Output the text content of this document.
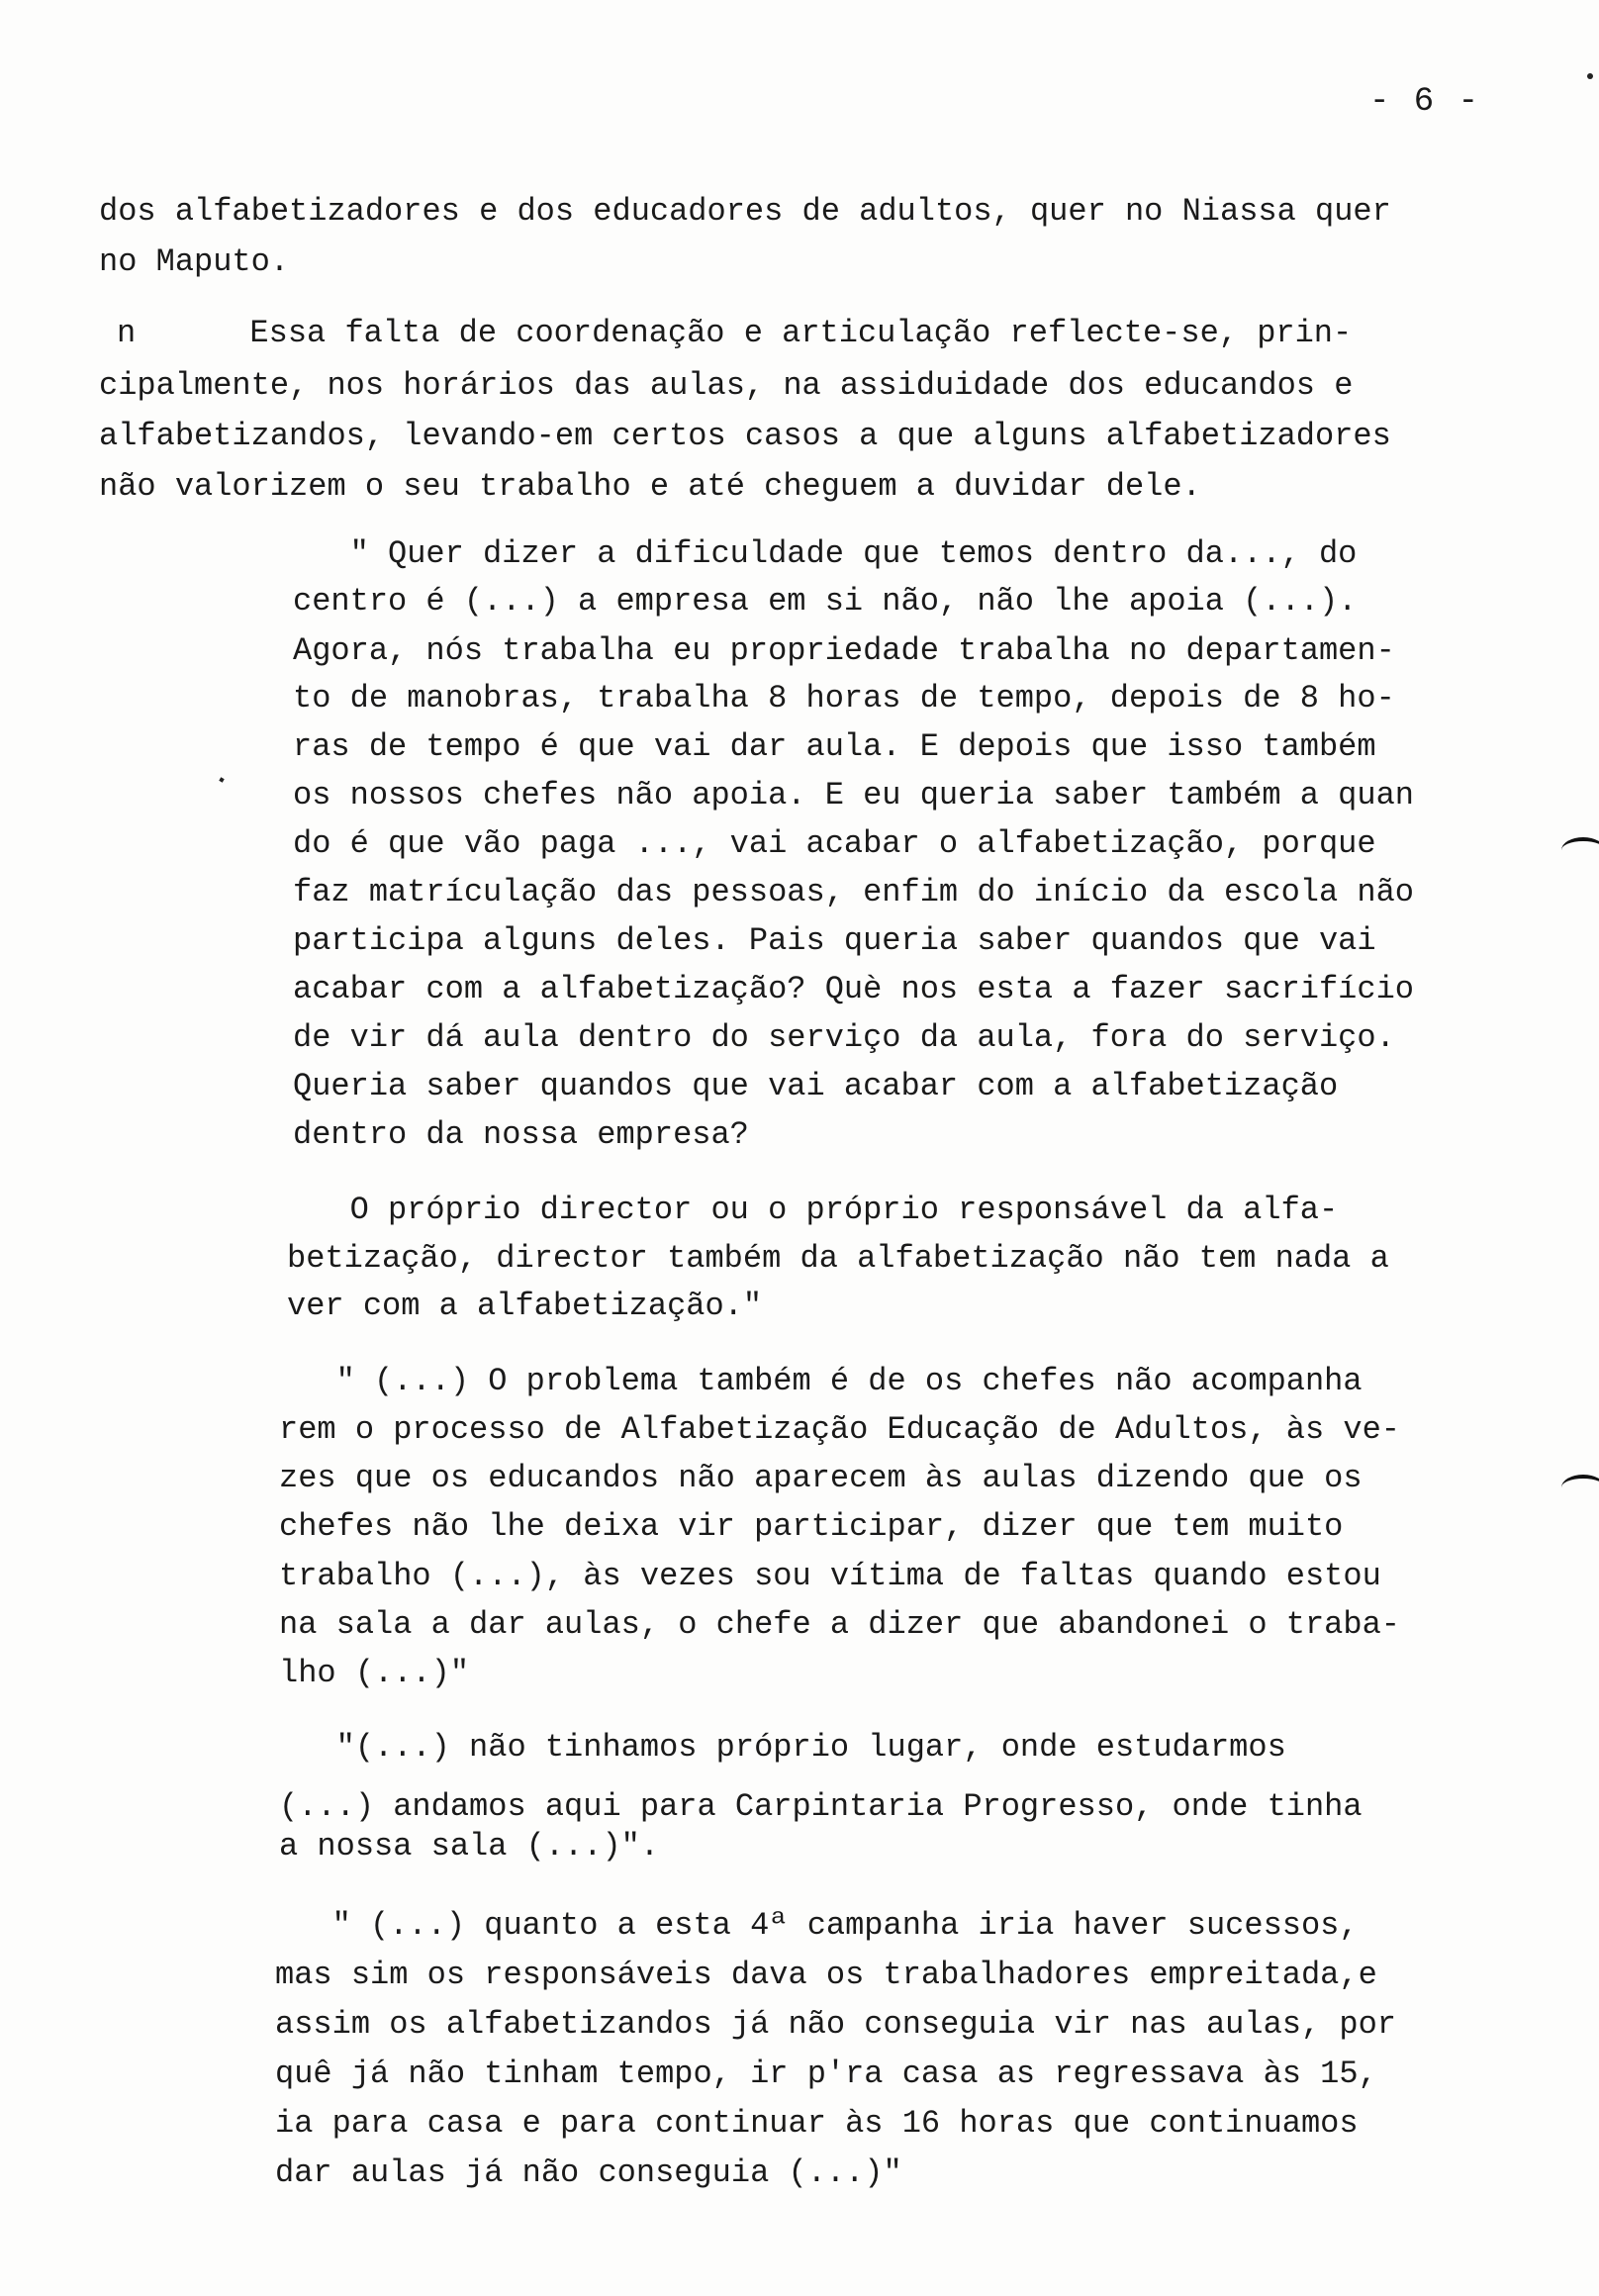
- 6 -
dos alfabetizadores e dos educadores de adultos, quer no Niassa quer
no Maputo.
n      Essa falta de coordenação e articulação reflecte-se, prin-
cipalmente, nos horários das aulas, na assiduidade dos educandos e
alfabetizandos, levando-em certos casos a que alguns alfabetizadores
não valorizem o seu trabalho e até cheguem a duvidar dele.
" Quer dizer a dificuldade que temos dentro da..., do
centro é (...) a empresa em si não, não lhe apoia (...).
Agora, nós trabalha eu propriedade trabalha no departamen-
to de manobras, trabalha 8 horas de tempo, depois de 8 ho-
ras de tempo é que vai dar aula. E depois que isso também
os nossos chefes não apoia. E eu queria saber também a quan
do é que vão paga ..., vai acabar o alfabetização, porque
faz matrículação das pessoas, enfim do início da escola não
participa alguns deles. Pais queria saber quandos que vai
acabar com a alfabetização? Què nos esta a fazer sacrifício
de vir dá aula dentro do serviço da aula, fora do serviço.
Queria saber quandos que vai acabar com a alfabetização
dentro da nossa empresa?
O próprio director ou o próprio responsável da alfa-
betização, director também da alfabetização não tem nada a
ver com a alfabetização."
" (...) O problema também é de os chefes não acompanha
rem o processo de Alfabetização Educação de Adultos, às ve-
zes que os educandos não aparecem às aulas dizendo que os
chefes não lhe deixa vir participar, dizer que tem muito
trabalho (...), às vezes sou vítima de faltas quando estou
na sala a dar aulas, o chefe a dizer que abandonei o traba-
lho (...)"
"(...) não tinhamos próprio lugar, onde estudarmos
(...) andamos aqui para Carpintaria Progresso, onde tinha
a nossa sala (...)".
" (...) quanto a esta 4ª campanha iria haver sucessos,
mas sim os responsáveis dava os trabalhadores empreitada,e
assim os alfabetizandos já não conseguia vir nas aulas, por
quê já não tinham tempo, ir p'ra casa as regressava às 15,
ia para casa e para continuar às 16 horas que continuamos
dar aulas já não conseguia (...)"
